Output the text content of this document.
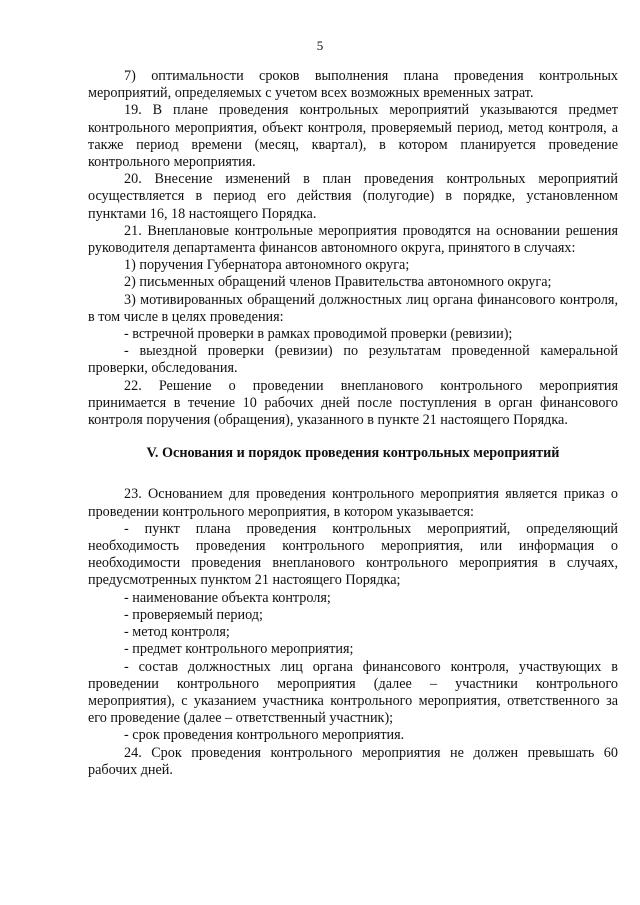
5

7) оптимальности сроков выполнения плана проведения контрольных мероприятий, определяемых с учетом всех возможных временных затрат.

19. В плане проведения контрольных мероприятий указываются предмет контрольного мероприятия, объект контроля, проверяемый период, метод контроля, а также период времени (месяц, квартал), в котором планируется проведение контрольного мероприятия.

20. Внесение изменений в план проведения контрольных мероприятий осуществляется в период его действия (полугодие) в порядке, установленном пунктами 16, 18 настоящего Порядка.

21. Внеплановые контрольные мероприятия проводятся на основании решения руководителя департамента финансов автономного округа, принятого в случаях:

1) поручения Губернатора автономного округа;

2) письменных обращений членов Правительства автономного округа;

3) мотивированных обращений должностных лиц органа финансового контроля, в том числе в целях проведения:

- встречной проверки в рамках проводимой проверки (ревизии);

- выездной проверки (ревизии) по результатам проведенной камеральной проверки, обследования.

22. Решение о проведении внепланового контрольного мероприятия принимается в течение 10 рабочих дней после поступления в орган финансового контроля поручения (обращения), указанного в пункте 21 настоящего Порядка.

V. Основания и порядок проведения контрольных мероприятий

23. Основанием для проведения контрольного мероприятия является приказ о проведении контрольного мероприятия, в котором указывается:

- пункт плана проведения контрольных мероприятий, определяющий необходимость проведения контрольного мероприятия, или информация о необходимости проведения внепланового контрольного мероприятия в случаях, предусмотренных пунктом 21 настоящего Порядка;

- наименование объекта контроля;

- проверяемый период;

- метод контроля;

- предмет контрольного мероприятия;

- состав должностных лиц органа финансового контроля, участвующих в проведении контрольного мероприятия (далее – участники контрольного мероприятия), с указанием участника контрольного мероприятия, ответственного за его проведение (далее – ответственный участник);

- срок проведения контрольного мероприятия.

24. Срок проведения контрольного мероприятия не должен превышать 60 рабочих дней.
